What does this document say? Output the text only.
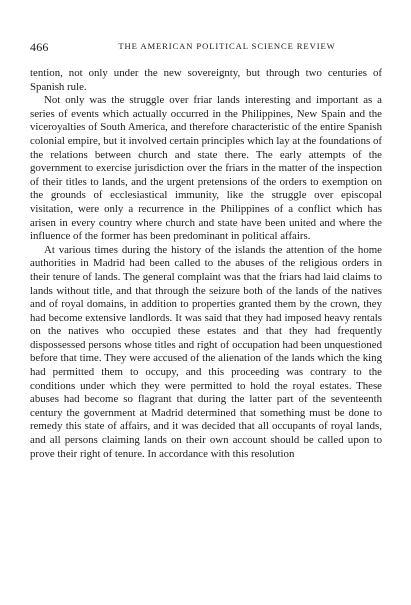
466	THE AMERICAN POLITICAL SCIENCE REVIEW

tention, not only under the new sovereignty, but through two centuries of Spanish rule.

Not only was the struggle over friar lands interesting and important as a series of events which actually occurred in the Philippines, New Spain and the viceroyalties of South America, and therefore characteristic of the entire Spanish colonial empire, but it involved certain principles which lay at the foundations of the relations between church and state there. The early attempts of the government to exercise jurisdiction over the friars in the matter of the inspection of their titles to lands, and the urgent pretensions of the orders to exemption on the grounds of ecclesiastical immunity, like the struggle over episcopal visitation, were only a recurrence in the Philippines of a conflict which has arisen in every country where church and state have been united and where the influence of the former has been predominant in political affairs.

At various times during the history of the islands the attention of the home authorities in Madrid had been called to the abuses of the religious orders in their tenure of lands. The general complaint was that the friars had laid claims to lands without title, and that through the seizure both of the lands of the natives and of royal domains, in addition to properties granted them by the crown, they had become extensive landlords. It was said that they had imposed heavy rentals on the natives who occupied these estates and that they had frequently dispossessed persons whose titles and right of occupation had been unquestioned before that time. They were accused of the alienation of the lands which the king had permitted them to occupy, and this proceeding was contrary to the conditions under which they were permitted to hold the royal estates. These abuses had become so flagrant that during the latter part of the seventeenth century the government at Madrid determined that something must be done to remedy this state of affairs, and it was decided that all occupants of royal lands, and all persons claiming lands on their own account should be called upon to prove their right of tenure. In accordance with this resolution
